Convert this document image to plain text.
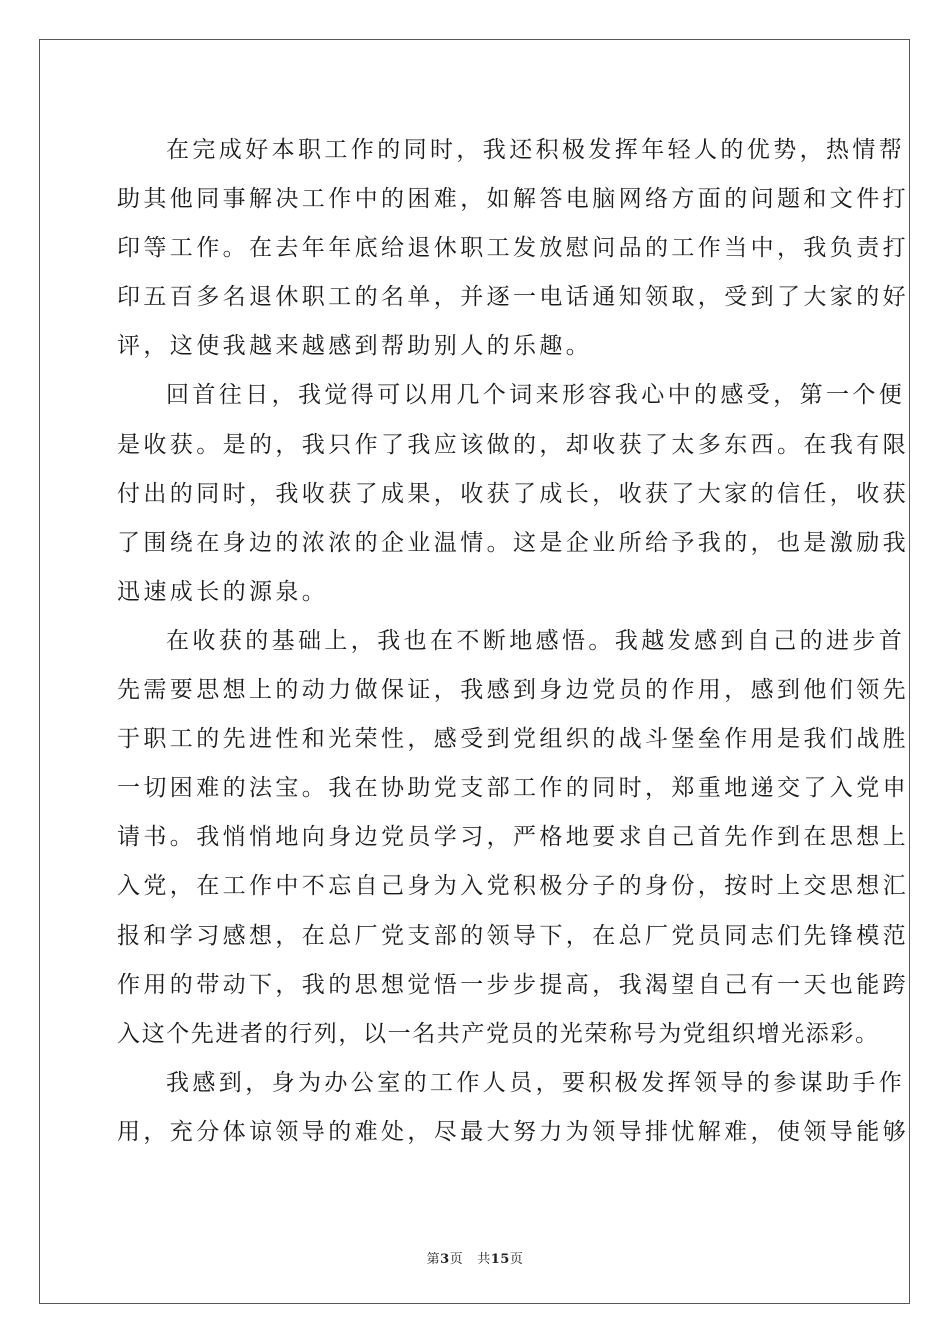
在完成好本职工作的同时，我还积极发挥年轻人的优势，热情帮
助其他同事解决工作中的困难，如解答电脑网络方面的问题和文件打
印等工作。在去年年底给退休职工发放慰问品的工作当中，我负责打
印五百多名退休职工的名单，并逐一电话通知领取，受到了大家的好
评，这使我越来越感到帮助别人的乐趣。
回首往日，我觉得可以用几个词来形容我心中的感受，第一个便
是收获。是的，我只作了我应该做的，却收获了太多东西。在我有限
付出的同时，我收获了成果，收获了成长，收获了大家的信任，收获
了围绕在身边的浓浓的企业温情。这是企业所给予我的，也是激励我
迅速成长的源泉。
在收获的基础上，我也在不断地感悟。我越发感到自己的进步首
先需要思想上的动力做保证，我感到身边党员的作用，感到他们领先
于职工的先进性和光荣性，感受到党组织的战斗堡垒作用是我们战胜
一切困难的法宝。我在协助党支部工作的同时，郑重地递交了入党申
请书。我悄悄地向身边党员学习，严格地要求自己首先作到在思想上
入党，在工作中不忘自己身为入党积极分子的身份，按时上交思想汇
报和学习感想，在总厂党支部的领导下，在总厂党员同志们先锋模范
作用的带动下，我的思想觉悟一步步提高，我渴望自己有一天也能跨
入这个先进者的行列，以一名共产党员的光荣称号为党组织增光添彩。
我感到，身为办公室的工作人员，要积极发挥领导的参谋助手作
用，充分体谅领导的难处，尽最大努力为领导排忧解难，使领导能够
第3页 共15页
